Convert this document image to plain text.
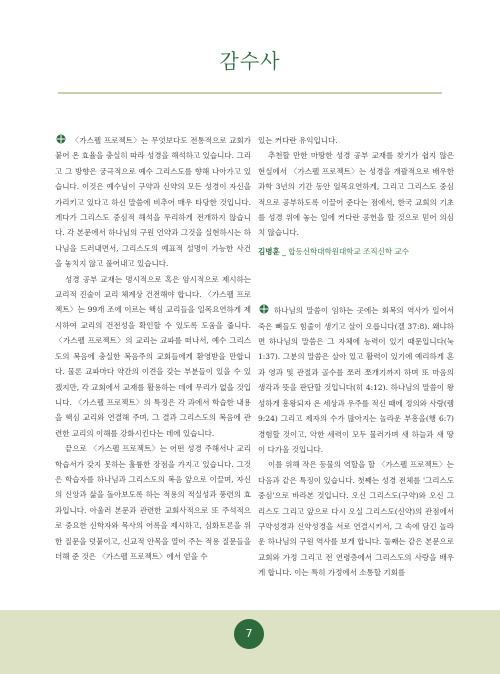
감수사

〈가스펠 프로젝트〉는 무엇보다도 전통적으로 교회가 붙어 온 효율을 충실히 따라 성경을 해석하고 있습니다. 그리고 그 방향은 궁극적으로 예수 그리스도를 향해 나아가고 있습니다. 이것은 예수님이 구약과 신약의 모든 성경이 자신을 가리키고 있다고 하신 말씀에 비추어 매우 타당한 것입니다. 게다가 그리스도 중심적 해석을 무리하게 전개하지 않습니다. 각 본문에서 하나님의 구원 언약과 그것을 실현하시는 하나님을 드러내면서, 그리스도의 예표적 설명이 가능한 사건을 놓치지 않고 풀어내고 있습니다.

성경 공부 교재는 명시적으로 혹은 암시적으로 제시하는 교리적 진술이 교리 체계상 건전해야 합니다. 〈가스펠 프로젝트〉는 99개 조에 이르는 핵심 교리들을 일목요연하게 제시하여 교리의 건전성을 확인할 수 있도록 도움을 줍니다. 〈가스펠 프로젝트〉의 교리는 교파를 떠나서, 예수 그리스도의 복음에 충실한 복음주의 교회들에게 환영받을 만합니다. 물론 교파마다 약간의 이견을 갖는 부분들이 있을 수 있겠지만, 각 교회에서 교재를 활용하는 데에 무리가 없을 것입니다. 〈가스펠 프로젝트〉의 특징은 각 과에서 학습한 내용을 핵심 교리와 연결해 주며, 그 결과 그리스도의 복음에 관련한 교리의 이해를 강화시킨다는 데에 있습니다.

끝으로 〈가스펠 프로젝트〉는 어떤 성경 주해서나 교리 학습서가 갖지 못하는 훌륭한 장점을 가지고 있습니다. 그것은 학습자를 하나님과 그리스도의 복음 앞으로 이끌며, 자신의 신앙과 삶을 돌아보도록 하는 적용의 적실성과 풍련의 효과입니다. 아울러 본문과 관련한 교회사적으로 또 주석적으로 중요한 신학자와 목사의 어록을 제시하고, 심화토론을 위한 질문을 덧붙이고, 신교적 안목을 열어 주는 적용 질문들을 더해 준 것은 〈가스펠 프로젝트〉에서 얻을 수

있는 커다란 유익입니다.

추천할 만한 마땅한 성경 공부 교재를 찾기가 쉽지 않은 현실에서 〈가스펠 프로젝트〉는 성경을 개괄적으로 배우한 과학 3년의 기간 동안 일목요연하게, 그리고 그리스도 중심적으로 공부하도록 이끌어 준다는 점에서, 한국 교회의 기초를 성경 위에 놓는 일에 커다란 공헌을 할 것으로 믿어 의심치 않습니다.

김병훈 _ 합동신학대학원대학교 조직신학 교수

하나님의 말씀이 임하는 곳에는 회복의 역사가 일어서 죽은 뼈들도 힘줄이 생기고 살이 오릅니다(겔 37:8). 왜냐하면 하나님의 말씀은 그 자체에 능력이 있기 때문입니다(눅 1:37). 그분의 말씀은 살아 있고 활력이 있기에 예리하게 혼과 영과 및 관절과 골수를 쪼러 쪼개기까지 하며 또 마음의 생각과 뜻을 판단할 것입니다(히 4:12). 하나님의 말씀이 왕성하게 흥왕되자 온 세상과 우주를 적신 때에 정의와 사랑(렘 9:24) 그리고 제자의 수가 많아지는 놀라운 부흥을(행 6:7) 경험할 것이고, 악한 세력이 모두 물러가며 새 하늘과 새 땅이 다가올 것입니다.

이를 위해 작은 동물의 역할을 할 〈가스펠 프로젝트〉는 다음과 같은 특징이 있습니다. 첫째는 성경 전체를 '그리스도 중심'으로 바라본 것입니다. 오신 그리스도(구약)와 오신 그리스도 그리고 앞으로 다시 오실 그리스도(신약)의 관점에서 구약성경과 신약성경을 서로 연결시키서, 그 속에 담긴 놀라운 하나님의 구원 역사를 보게 합니다. 둘째는 같은 본문으로 교회와 가정 그리고 전 연령층에서 그리스도의 사랑을 배우게 합니다. 이는 특히 가정에서 소통할 기회를

7
